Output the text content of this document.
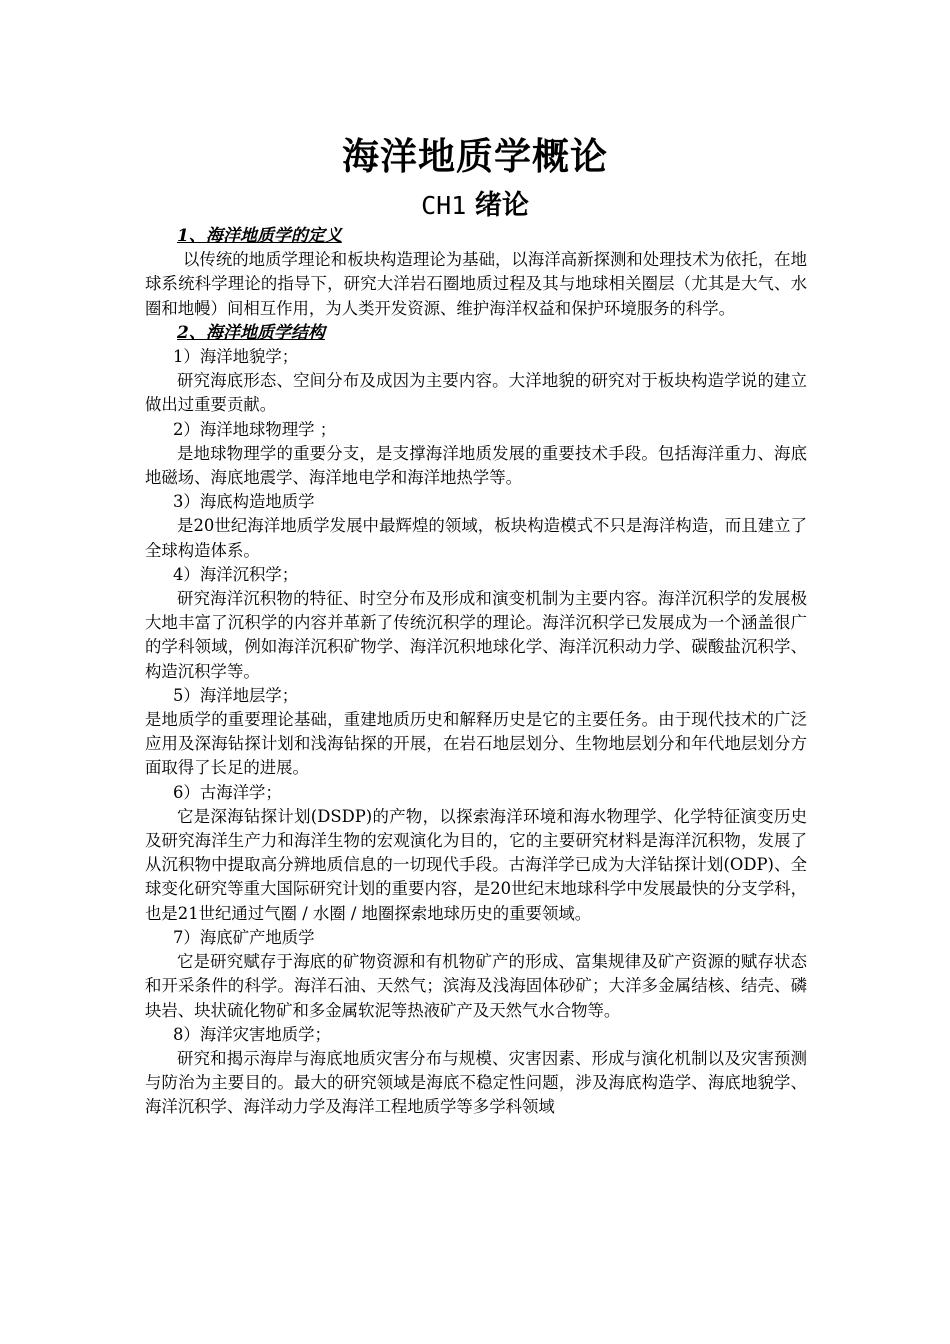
海洋地质学概论
CH1 绪论

1、海洋地质学的定义

以传统的地质学理论和板块构造理论为基础，以海洋高新探测和处理技术为依托，在地球系统科学理论的指导下，研究大洋岩石圈地质过程及其与地球相关圈层（尤其是大气、水圈和地幔）间相互作用，为人类开发资源、维护海洋权益和保护环境服务的科学。

2、海洋地质学结构

1）海洋地貌学；

研究海底形态、空间分布及成因为主要内容。大洋地貌的研究对于板块构造学说的建立做出过重要贡献。

2）海洋地球物理学 ；

是地球物理学的重要分支，是支撑海洋地质发展的重要技术手段。包括海洋重力、海底地磁场、海底地震学、海洋地电学和海洋地热学等。

3）海底构造地质学

是20世纪海洋地质学发展中最辉煌的领域，板块构造模式不只是海洋构造，而且建立了全球构造体系。

4）海洋沉积学；

研究海洋沉积物的特征、时空分布及形成和演变机制为主要内容。海洋沉积学的发展极大地丰富了沉积学的内容并革新了传统沉积学的理论。海洋沉积学已发展成为一个涵盖很广的学科领域，例如海洋沉积矿物学、海洋沉积地球化学、海洋沉积动力学、碳酸盐沉积学、构造沉积学等。

5）海洋地层学；

是地质学的重要理论基础，重建地质历史和解释历史是它的主要任务。由于现代技术的广泛应用及深海钻探计划和浅海钻探的开展，在岩石地层划分、生物地层划分和年代地层划分方面取得了长足的进展。

6）古海洋学；

它是深海钻探计划(DSDP)的产物，以探索海洋环境和海水物理学、化学特征演变历史及研究海洋生产力和海洋生物的宏观演化为目的，它的主要研究材料是海洋沉积物，发展了从沉积物中提取高分辨地质信息的一切现代手段。古海洋学已成为大洋钻探计划(ODP)、全球变化研究等重大国际研究计划的重要内容，是20世纪末地球科学中发展最快的分支学科，也是21世纪通过气圈 / 水圈 / 地圈探索地球历史的重要领域。

7）海底矿产地质学

它是研究赋存于海底的矿物资源和有机物矿产的形成、富集规律及矿产资源的赋存状态和开采条件的科学。海洋石油、天然气；滨海及浅海固体砂矿；大洋多金属结核、结壳、磷块岩、块状硫化物矿和多金属软泥等热液矿产及天然气水合物等。

8）海洋灾害地质学；

研究和揭示海岸与海底地质灾害分布与规模、灾害因素、形成与演化机制以及灾害预测与防治为主要目的。最大的研究领域是海底不稳定性问题，涉及海底构造学、海底地貌学、海洋沉积学、海洋动力学及海洋工程地质学等多学科领域
